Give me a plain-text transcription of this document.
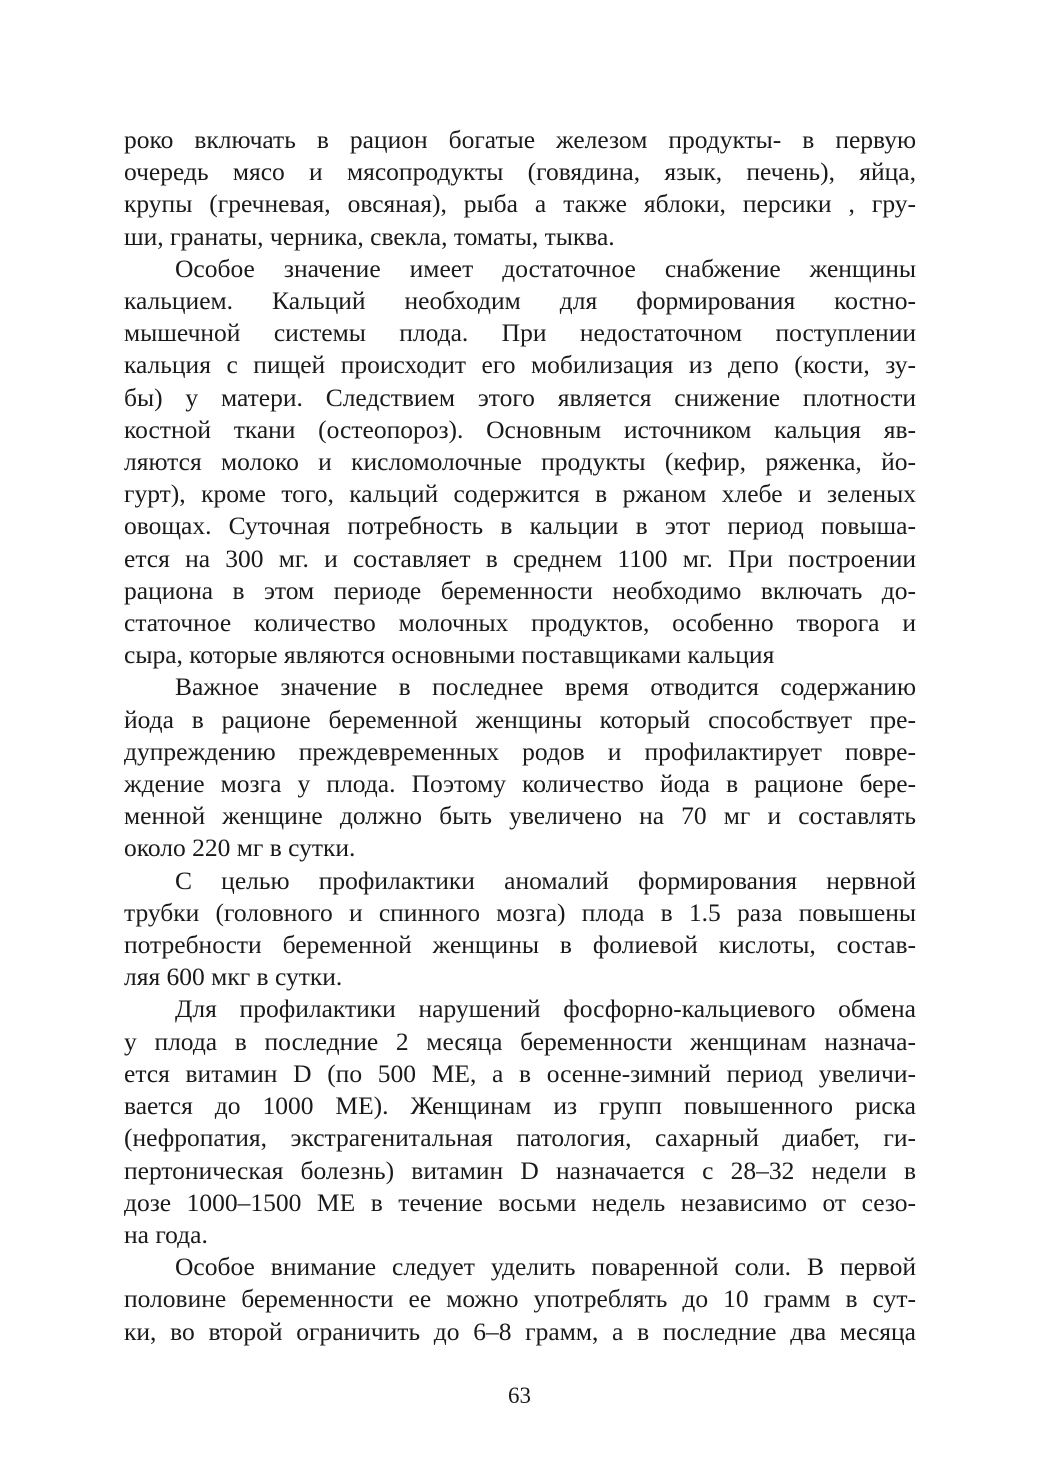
роко включать в рацион богатые железом продукты- в первую
очередь мясо и мясопродукты (говядина, язык, печень), яйца,
крупы (гречневая, овсяная), рыба а также яблоки, персики , гру-
ши, гранаты, черника, свекла, томаты, тыква.

Особое значение имеет достаточное снабжение женщины
кальцием. Кальций необходим для формирования костно-
мышечной системы плода. При недостаточном поступлении
кальция с пищей происходит его мобилизация из депо (кости, зу-
бы) у матери. Следствием этого является снижение плотности
костной ткани (остеопороз). Основным источником кальция яв-
ляются молоко и кисломолочные продукты (кефир, ряженка, йо-
гурт), кроме того, кальций содержится в ржаном хлебе и зеленых
овощах. Суточная потребность в кальции в этот период повыша-
ется на 300 мг. и составляет в среднем 1100 мг. При построении
рациона в этом периоде беременности необходимо включать до-
статочное количество молочных продуктов, особенно творога и
сыра, которые являются основными поставщиками кальция

Важное значение в последнее время отводится содержанию
йода в рационе беременной женщины который способствует пре-
дупреждению преждевременных родов и профилактирует повре-
ждение мозга у плода. Поэтому количество йода в рационе бере-
менной женщине должно быть увеличено на 70 мг и составлять
около 220 мг в сутки.

С целью профилактики аномалий формирования нервной
трубки (головного и спинного мозга) плода в 1.5 раза повышены
потребности беременной женщины в фолиевой кислоты, состав-
ляя 600 мкг в сутки.

Для профилактики нарушений фосфорно-кальциевого обмена
у плода в последние 2 месяца беременности женщинам назнача-
ется витамин D (по 500 МЕ, а в осенне-зимний период увеличи-
вается до 1000 МЕ). Женщинам из групп повышенного риска
(нефропатия, экстрагенитальная патология, сахарный диабет, ги-
пертоническая болезнь) витамин D назначается с 28–32 недели в
дозе 1000–1500 МЕ в течение восьми недель независимо от сезо-
на года.

Особое внимание следует уделить поваренной соли. В первой
половине беременности ее можно употреблять до 10 грамм в сут-
ки, во второй ограничить до 6–8 грамм, а в последние два месяца

63
